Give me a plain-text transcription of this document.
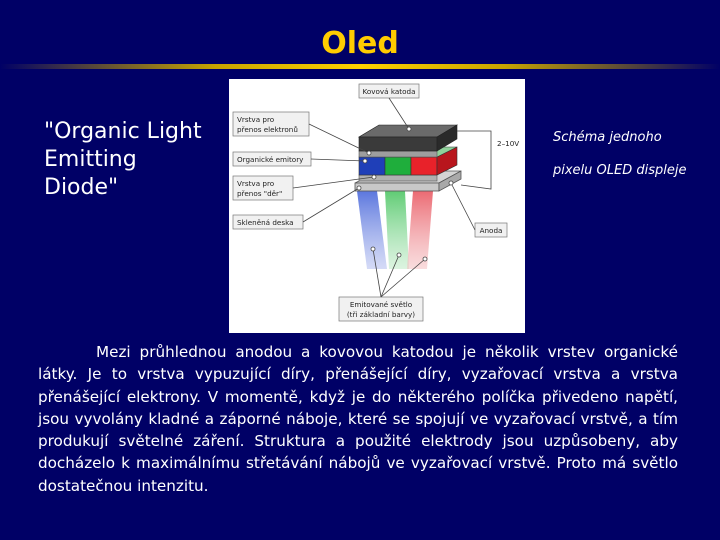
Oled
"Organic Light Emitting Diode"
Kovová katoda
Vrstva pro
přenos elektronů
Organické emitory
Vrstva pro
přenos "děr"
Skleněná deska
Anoda
2–10V
Emitované světlo
(tři základní barvy)
Schéma jednoho
pixelu OLED displeje
Mezi průhlednou anodou a kovovou katodou je několik vrstev organické látky. Je to vrstva vypuzující díry, přenášející díry, vyzařovací vrstva a vrstva přenášející elektrony. V momentě, když je do některého políčka přivedeno napětí, jsou vyvolány kladné a záporné náboje, které se spojují ve vyzařovací vrstvě, a tím produkují světelné záření. Struktura a použité elektrody jsou uzpůsobeny, aby docházelo k maximálnímu střetávání nábojů ve vyzařovací vrstvě. Proto má světlo dostatečnou intenzitu.
